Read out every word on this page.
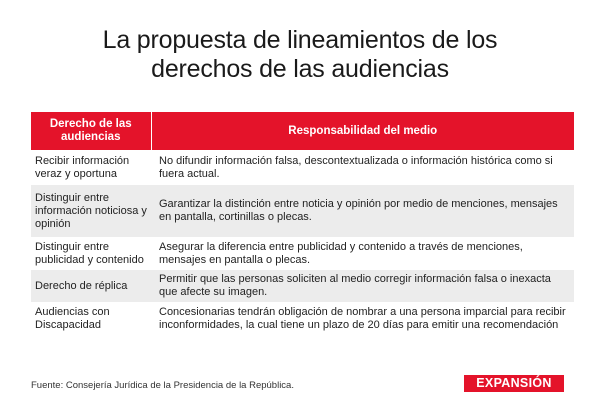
La propuesta de lineamientos de los
derechos de las audiencias
Derecho de las audiencias	Responsabilidad del medio
Recibir información veraz y oportuna	No difundir información falsa, descontextualizada o información histórica como si fuera actual.
Distinguir entre información noticiosa y opinión	Garantizar la distinción entre noticia y opinión por medio de menciones, mensajes en pantalla, cortinillas o plecas.
Distinguir entre publicidad y contenido	Asegurar la diferencia entre publicidad y contenido a través de menciones, mensajes en pantalla o plecas.
Derecho de réplica	Permitir que las personas soliciten al medio corregir información falsa o inexacta que afecte su imagen.
Audiencias con Discapacidad	Concesionarias tendrán obligación de nombrar a una persona imparcial para recibir inconformidades, la cual tiene un plazo de 20 días para emitir una recomendación
Fuente: Consejería Jurídica de la Presidencia de la República.	EXPANSIÓN
